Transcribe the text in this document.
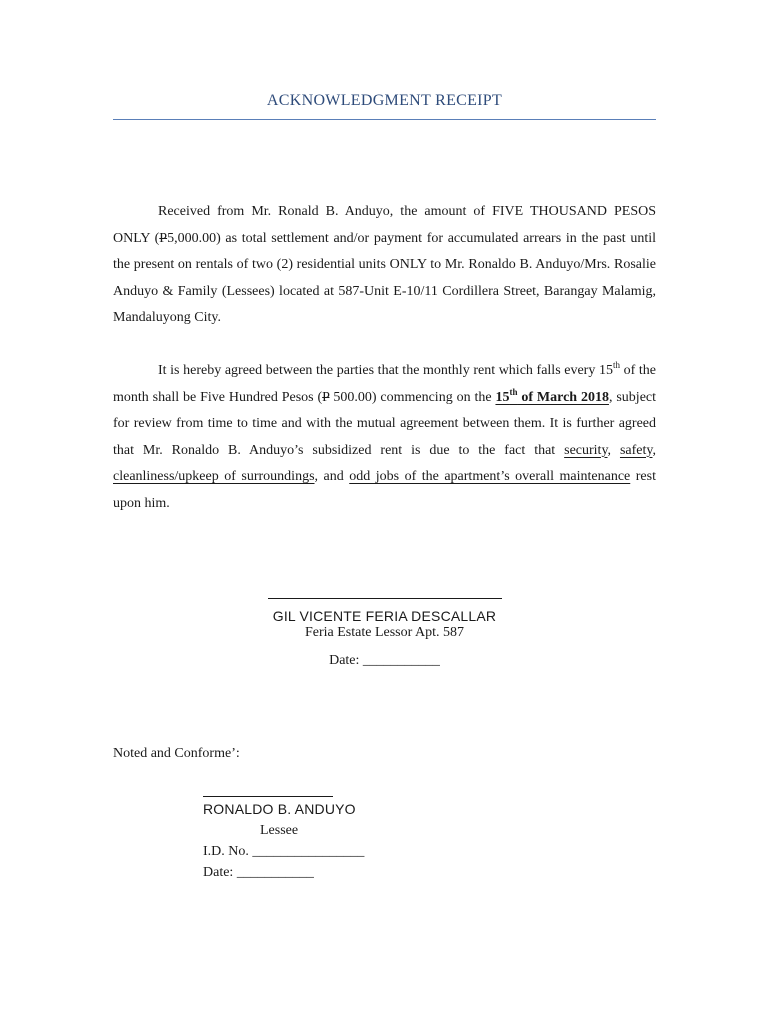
ACKNOWLEDGMENT RECEIPT

Received from Mr. Ronald B. Anduyo, the amount of FIVE THOUSAND PESOS ONLY (P5,000.00) as total settlement and/or payment for accumulated arrears in the past until the present on rentals of two (2) residential units ONLY to Mr. Ronaldo B. Anduyo/Mrs. Rosalie Anduyo & Family (Lessees) located at 587-Unit E-10/11 Cordillera Street, Barangay Malamig, Mandaluyong City.

It is hereby agreed between the parties that the monthly rent which falls every 15th of the month shall be Five Hundred Pesos (P 500.00) commencing on the 15th of March 2018, subject for review from time to time and with the mutual agreement between them. It is further agreed that Mr. Ronaldo B. Anduyo’s subsidized rent is due to the fact that security, safety, cleanliness/upkeep of surroundings, and odd jobs of the apartment’s overall maintenance rest upon him.

GIL VICENTE FERIA DESCALLAR
Feria Estate Lessor Apt. 587
Date: ___________
Noted and Conforme’:
RONALDO B. ANDUYO
Lessee
I.D. No. ________________
Date: ___________
